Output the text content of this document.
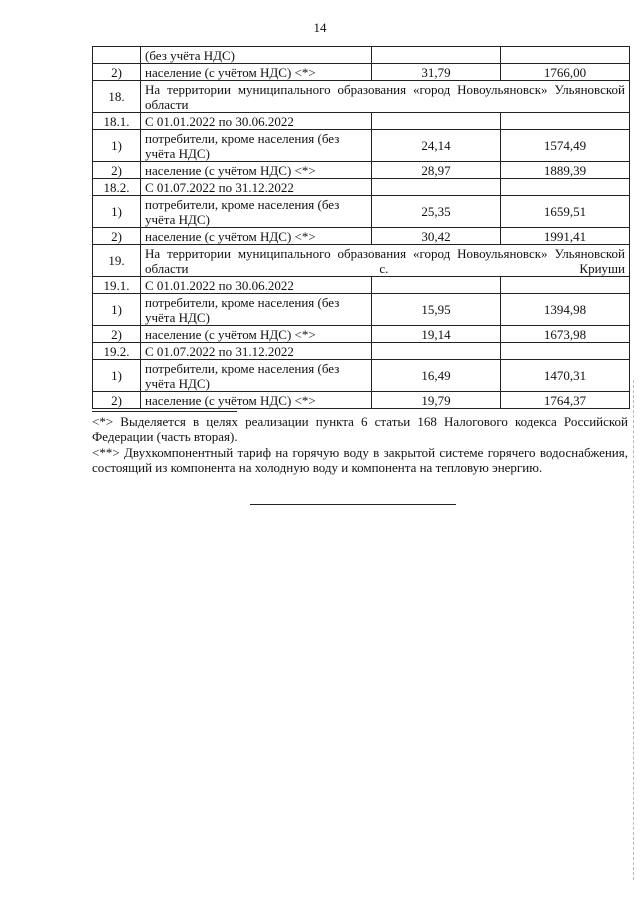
14
	(без учёта НДС)		
2)	население (с учётом НДС) <*>	31,79	1766,00
18.	На территории муниципального образования «город Новоульяновск» Ульяновской области		
18.1.	С 01.01.2022 по 30.06.2022		
1)	потребители, кроме населения (без учёта НДС)	24,14	1574,49
2)	население (с учётом НДС) <*>	28,97	1889,39
18.2.	С 01.07.2022 по 31.12.2022		
1)	потребители, кроме населения (без учёта НДС)	25,35	1659,51
2)	население (с учётом НДС) <*>	30,42	1991,41
19.	На территории муниципального образования «город Новоульяновск» Ульяновской области с. Криуши		
19.1.	С 01.01.2022 по 30.06.2022		
1)	потребители, кроме населения (без учёта НДС)	15,95	1394,98
2)	население (с учётом НДС) <*>	19,14	1673,98
19.2.	С 01.07.2022 по 31.12.2022		
1)	потребители, кроме населения (без учёта НДС)	16,49	1470,31
2)	население (с учётом НДС) <*>	19,79	1764,37

<*> Выделяется в целях реализации пункта 6 статьи 168 Налогового кодекса Российской Федерации (часть вторая).

<**> Двухкомпонентный тариф на горячую воду в закрытой системе горячего водоснабжения, состоящий из компонента на холодную воду и компонента на тепловую энергию.
